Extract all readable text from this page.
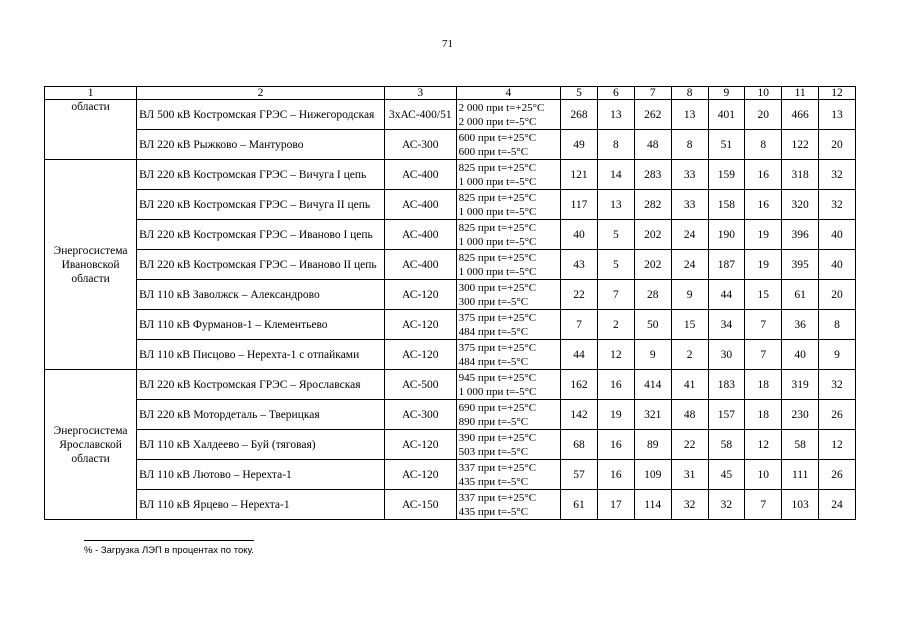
71
1	2	3	4	5	6	7	8	9	10	11	12
области	ВЛ 500 кВ Костромская ГРЭС – Нижегородская	3хАС-400/51	2 000 при t=+25°С
2 000 при t=-5°С	268	13	262	13	401	20	466	13
	ВЛ 220 кВ Рыжково – Мантурово	АС-300	600 при t=+25°С
600 при t=-5°С	49	8	48	8	51	8	122	20
Энергосистема Ивановской области	ВЛ 220 кВ Костромская ГРЭС – Вичуга I цепь	АС-400	825 при t=+25°С
1 000 при t=-5°С	121	14	283	33	159	16	318	32
	ВЛ 220 кВ Костромская ГРЭС – Вичуга II цепь	АС-400	825 при t=+25°С
1 000 при t=-5°С	117	13	282	33	158	16	320	32
	ВЛ 220 кВ Костромская ГРЭС – Иваново I цепь	АС-400	825 при t=+25°С
1 000 при t=-5°С	40	5	202	24	190	19	396	40
	ВЛ 220 кВ Костромская ГРЭС – Иваново II цепь	АС-400	825 при t=+25°С
1 000 при t=-5°С	43	5	202	24	187	19	395	40
	ВЛ 110 кВ Заволжск – Александрово	АС-120	300 при t=+25°С
300 при t=-5°С	22	7	28	9	44	15	61	20
	ВЛ 110 кВ Фурманов-1 – Клементьево	АС-120	375 при t=+25°С
484 при t=-5°С	7	2	50	15	34	7	36	8
	ВЛ 110 кВ Писцово – Нерехта-1 с отпайками	АС-120	375 при t=+25°С
484 при t=-5°С	44	12	9	2	30	7	40	9
Энергосистема Ярославской области	ВЛ 220 кВ Костромская ГРЭС – Ярославская	АС-500	945 при t=+25°С
1 000 при t=-5°С	162	16	414	41	183	18	319	32
	ВЛ 220 кВ Мотордеталь – Тверицкая	АС-300	690 при t=+25°С
890 при t=-5°С	142	19	321	48	157	18	230	26
	ВЛ 110 кВ Халдеево – Буй (тяговая)	АС-120	390 при t=+25°С
503 при t=-5°С	68	16	89	22	58	12	58	12
	ВЛ 110 кВ Лютово – Нерехта-1	АС-120	337 при t=+25°С
435 при t=-5°С	57	16	109	31	45	10	111	26
	ВЛ 110 кВ Ярцево – Нерехта-1	АС-150	337 при t=+25°С
435 при t=-5°С	61	17	114	32	32	7	103	24
% - Загрузка ЛЭП в процентах по току.
